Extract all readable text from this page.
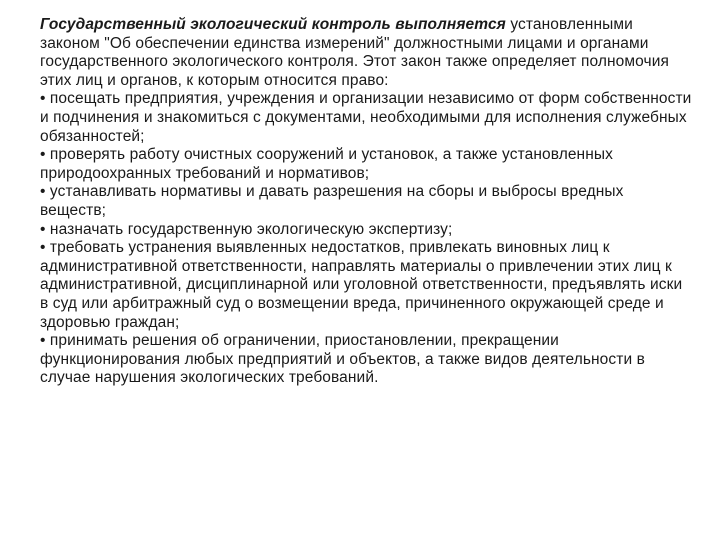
Государственный экологический контроль выполняется установленными законом "Об обеспечении единства измерений" должностными лицами и органами государственного экологического контроля. Этот закон также определяет полномочия этих лиц и органов, к которым относится право:

• посещать предприятия, учреждения и организации независимо от форм собственности и подчинения и знакомиться с документами, необходимыми для исполнения служебных обязанностей;

• проверять работу очистных сооружений и установок, а также установленных природоохранных требований и нормативов;

• устанавливать нормативы и давать разрешения на сборы и выбросы вредных веществ;

• назначать государственную экологическую экспертизу;

• требовать устранения выявленных недостатков, привлекать виновных лиц к административной ответственности, направлять материалы о привлечении этих лиц к административной, дисциплинарной или уголовной ответственности, предъявлять иски в суд или арбитражный суд о возмещении вреда, причиненного окружающей среде и здоровью граждан;

• принимать решения об ограничении, приостановлении, прекращении функционирования любых предприятий и объектов, а также видов деятельности в случае нарушения экологических требований.
